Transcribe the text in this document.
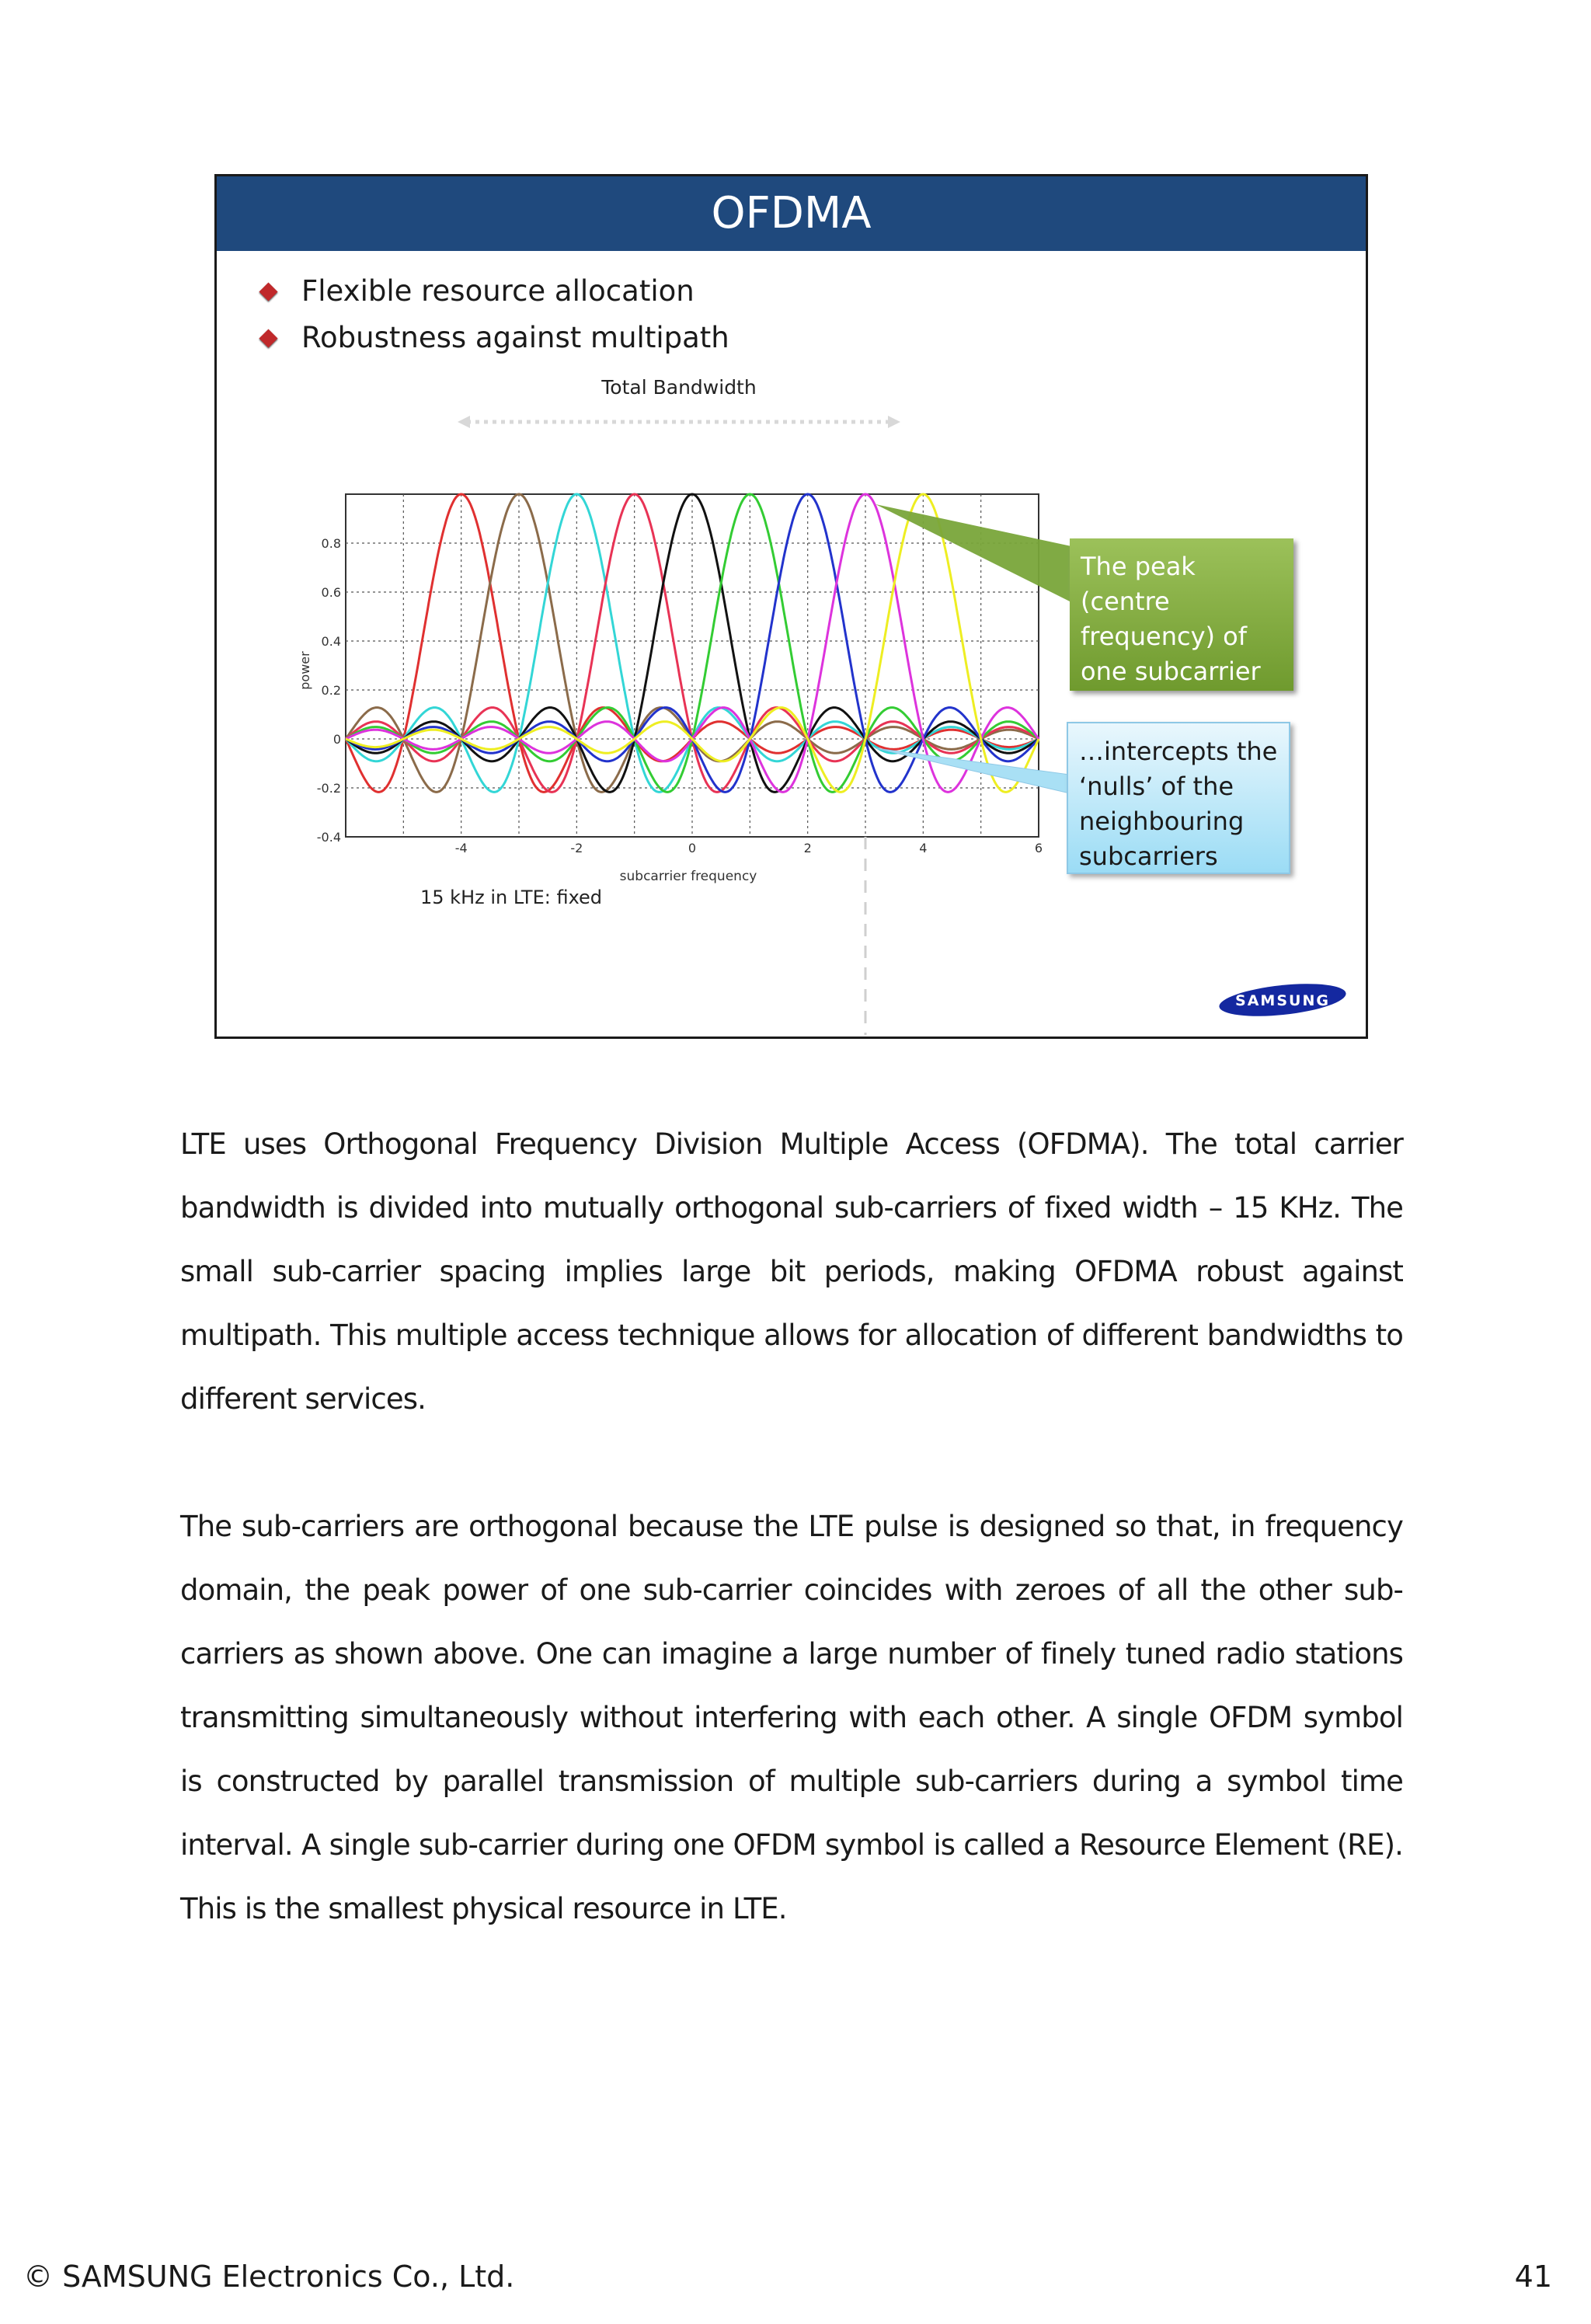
OFDMA
Flexible resource allocation
Robustness against multipath
Total Bandwidth
0.8
0.6
0.4
0.2
0
-0.2
-0.4
-4	-2	0	2	4	6
power
subcarrier frequency
15 kHz in LTE: fixed
The peak (centre frequency) of one subcarrier …
…intercepts the ‘nulls’ of the neighbouring subcarriers
SAMSUNG

LTE uses Orthogonal Frequency Division Multiple Access (OFDMA). The total carrier bandwidth is divided into mutually orthogonal sub-carriers of fixed width – 15 KHz. The small sub-carrier spacing implies large bit periods, making OFDMA robust against multipath. This multiple access technique allows for allocation of different bandwidths to different services.

The sub-carriers are orthogonal because the LTE pulse is designed so that, in frequency domain, the peak power of one sub-carrier coincides with zeroes of all the other sub-carriers as shown above. One can imagine a large number of finely tuned radio stations transmitting simultaneously without interfering with each other. A single OFDM symbol is constructed by parallel transmission of multiple sub-carriers during a symbol time interval. A single sub-carrier during one OFDM symbol is called a Resource Element (RE). This is the smallest physical resource in LTE.

© SAMSUNG Electronics Co., Ltd.	41
